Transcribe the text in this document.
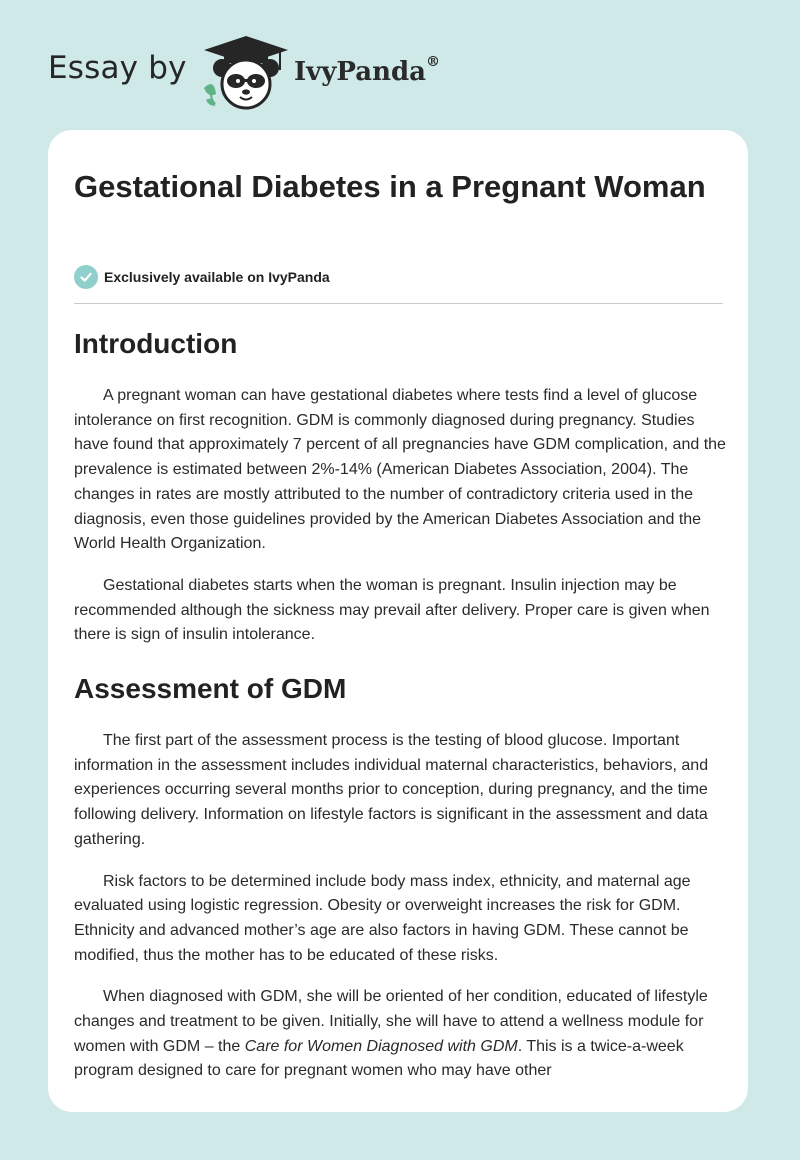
Essay by	IvyPanda®
Gestational Diabetes in a Pregnant Woman
Exclusively available on IvyPanda
Introduction

A pregnant woman can have gestational diabetes where tests find a level of glucose intolerance on first recognition. GDM is commonly diagnosed during pregnancy. Studies have found that approximately 7 percent of all pregnancies have GDM complication, and the prevalence is estimated between 2%-14% (American Diabetes Association, 2004). The changes in rates are mostly attributed to the number of contradictory criteria used in the diagnosis, even those guidelines provided by the American Diabetes Association and the World Health Organization.

Gestational diabetes starts when the woman is pregnant. Insulin injection may be recommended although the sickness may prevail after delivery. Proper care is given when there is sign of insulin intolerance.

Assessment of GDM

The first part of the assessment process is the testing of blood glucose. Important information in the assessment includes individual maternal characteristics, behaviors, and experiences occurring several months prior to conception, during pregnancy, and the time following delivery. Information on lifestyle factors is significant in the assessment and data gathering.

Risk factors to be determined include body mass index, ethnicity, and maternal age evaluated using logistic regression. Obesity or overweight increases the risk for GDM. Ethnicity and advanced mother’s age are also factors in having GDM. These cannot be modified, thus the mother has to be educated of these risks.

When diagnosed with GDM, she will be oriented of her condition, educated of lifestyle changes and treatment to be given. Initially, she will have to attend a wellness module for women with GDM – the Care for Women Diagnosed with GDM. This is a twice-a-week program designed to care for pregnant women who may have other
